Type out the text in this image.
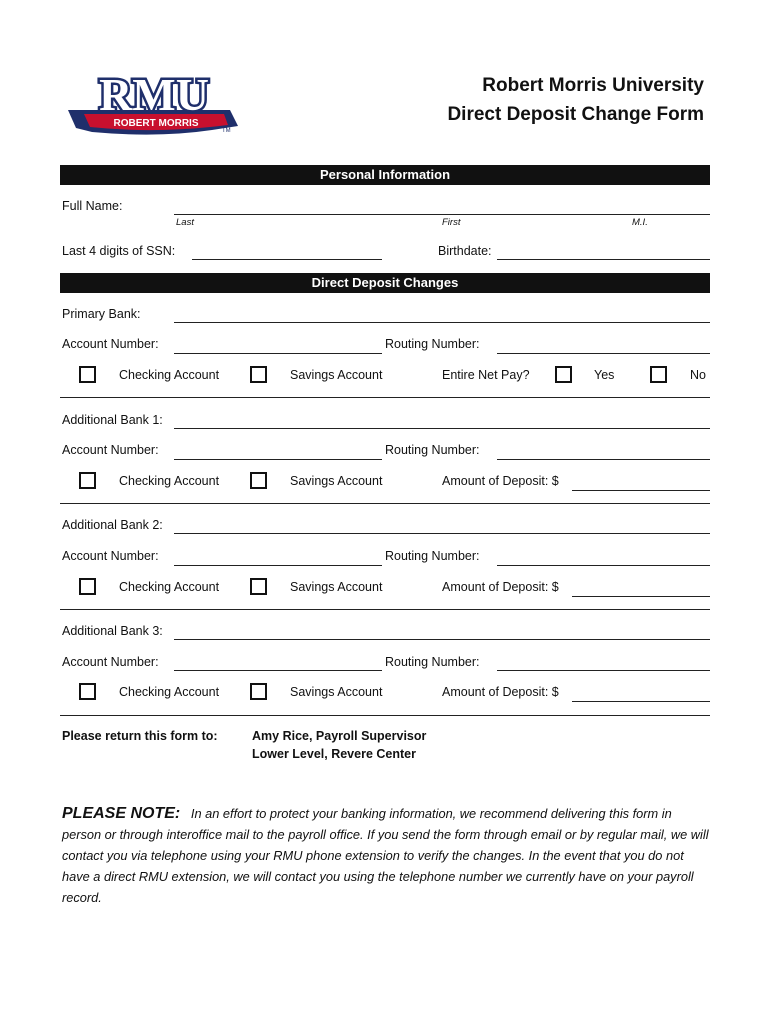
ROBERT MORRIS
RMU
TM
Robert Morris University
Direct Deposit Change Form
Personal Information
Full Name:
Last	First	M.I.
Last 4 digits of SSN:	Birthdate:
Direct Deposit Changes
Primary Bank:
Account Number:	Routing Number:
Checking Account	Savings Account	Entire Net Pay?	Yes	No
Additional Bank 1:
Account Number:	Routing Number:
Checking Account	Savings Account	Amount of Deposit: $
Additional Bank 2:
Account Number:	Routing Number:
Checking Account	Savings Account	Amount of Deposit: $
Additional Bank 3:
Account Number:	Routing Number:
Checking Account	Savings Account	Amount of Deposit: $
Please return this form to:	Amy Rice, Payroll Supervisor
Lower Level, Revere Center
PLEASE NOTE: In an effort to protect your banking information, we recommend delivering this form in person or through interoffice mail to the payroll office. If you send the form through email or by regular mail, we will contact you via telephone using your RMU phone extension to verify the changes. In the event that you do not have a direct RMU extension, we will contact you using the telephone number we currently have on your payroll record.
